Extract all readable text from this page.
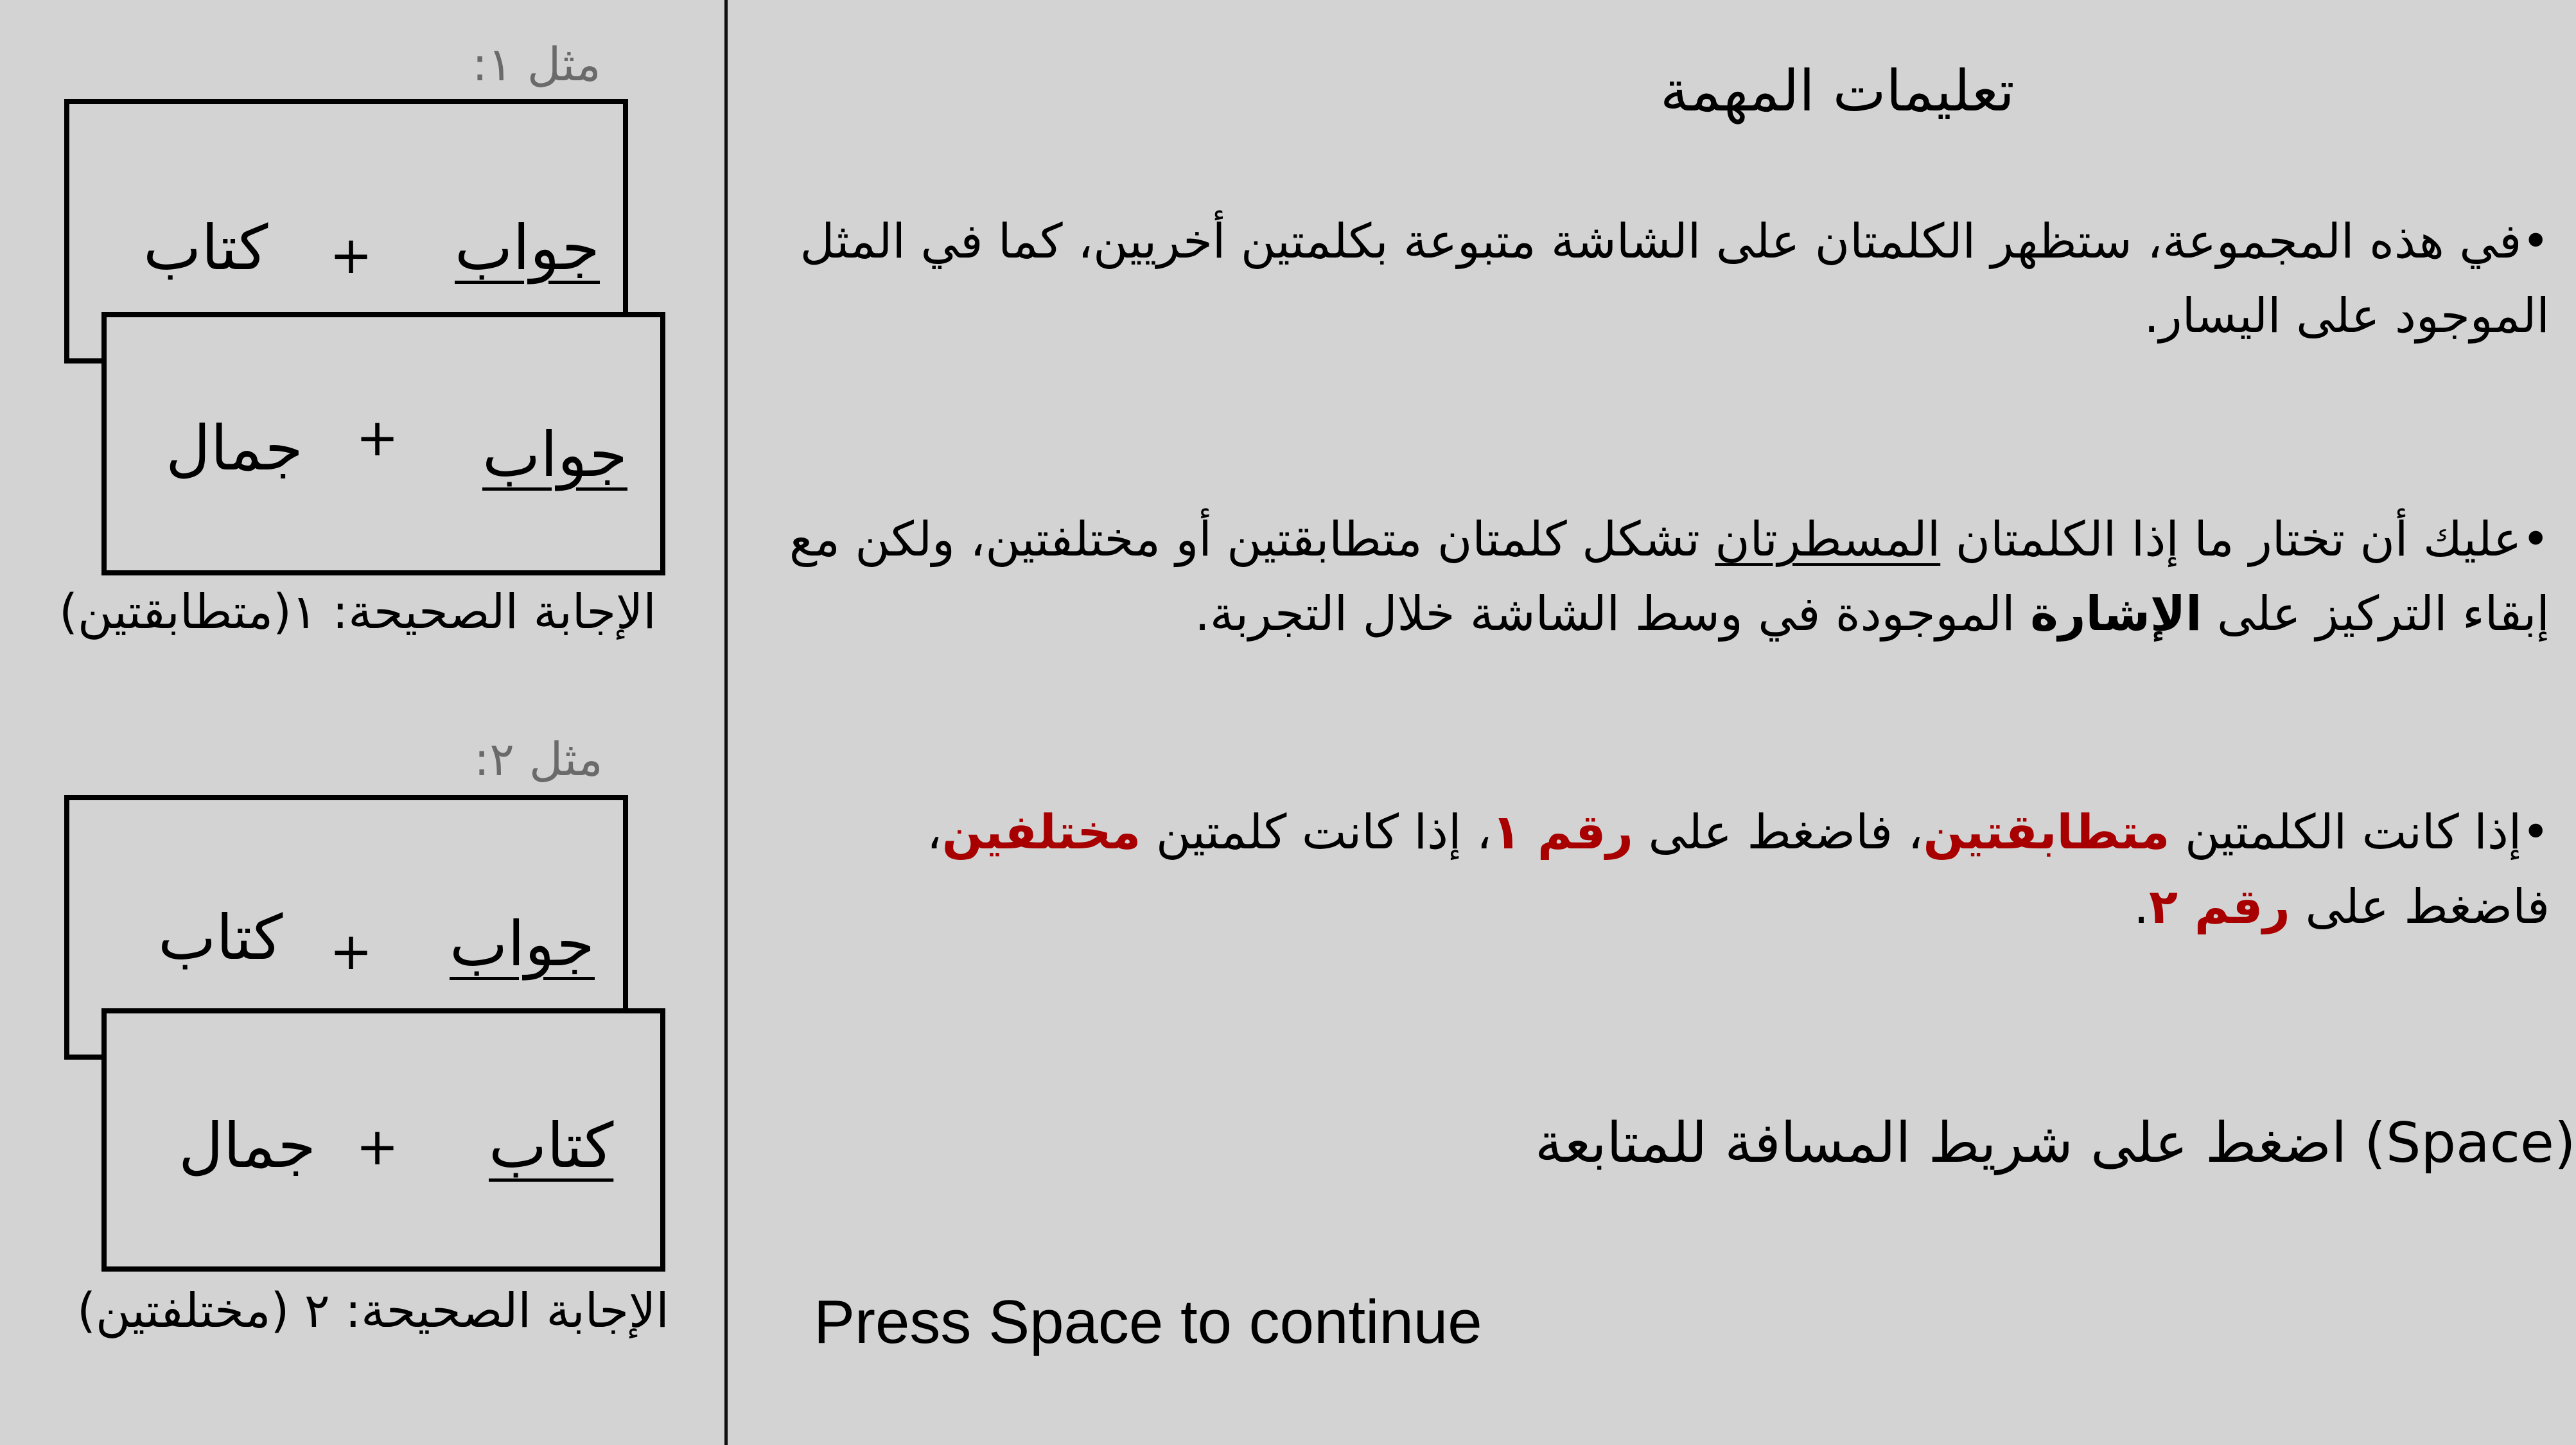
مثل ١:
جواب
+
كتاب
جواب
+
جمال
الإجابة الصحيحة: ١(متطابقتين)
مثل ٢:
جواب
+
كتاب
كتاب
+
جمال
الإجابة الصحيحة: ٢ (مختلفتين)
تعليمات المهمة
•في هذه المجموعة، ستظهر الكلمتان على الشاشة متبوعة بكلمتين أخريين، كما في المثل الموجود على اليسار.
•عليك أن تختار ما إذا الكلمتان المسطرتان تشكل كلمتان متطابقتين أو مختلفتين، ولكن مع إبقاء التركيز على الإشارة الموجودة في وسط الشاشة خلال التجربة.
•إذا كانت الكلمتين متطابقتين، فاضغط على رقم ١، إذا كانت كلمتين مختلفين، فاضغط على رقم ٢.
(Space) اضغط على شريط المسافة للمتابعة
Press Space to continue
